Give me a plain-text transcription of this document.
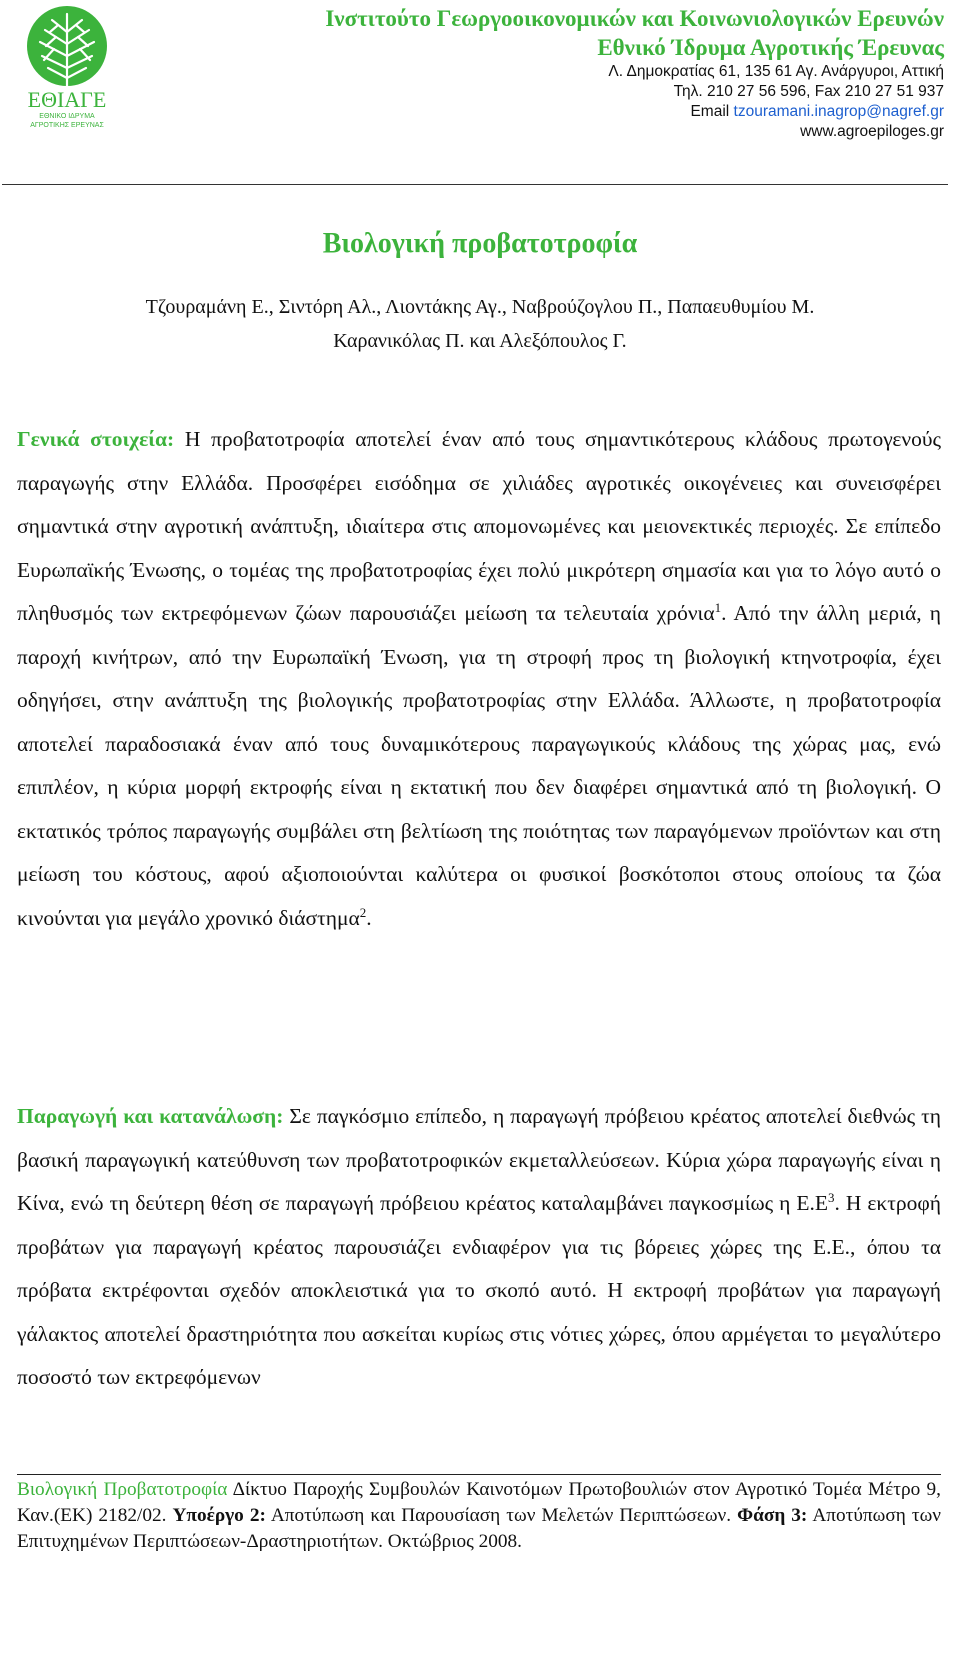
ΕΘΙΑΓΕ
ΕΘΝΙΚΟ ΙΔΡΥΜΑ
ΑΓΡΟΤΙΚΗΣ ΕΡΕΥΝΑΣ
Ινστιτούτο Γεωργοοικονομικών και Κοινωνιολογικών Ερευνών
Εθνικό Ίδρυμα Αγροτικής Έρευνας
Λ. Δημοκρατίας 61, 135 61 Αγ. Ανάργυροι, Αττική
Τηλ. 210 27 56 596, Fax 210 27 51 937
Email tzouramani.inagrop@nagref.gr
www.agroepiloges.gr
Βιολογική προβατοτροφία
Τζουραμάνη Ε., Σιντόρη Αλ., Λιοντάκης Αγ., Ναβρούζογλου Π., Παπαευθυμίου Μ.
Καρανικόλας Π. και Αλεξόπουλος Γ.

Γενικά στοιχεία: Η προβατοτροφία αποτελεί έναν από τους σημαντικότερους κλάδους πρωτογενούς παραγωγής στην Ελλάδα. Προσφέρει εισόδημα σε χιλιάδες αγροτικές οικογένειες και συνεισφέρει σημαντικά στην αγροτική ανάπτυξη, ιδιαίτερα στις απομονωμένες και μειονεκτικές περιοχές. Σε επίπεδο Ευρωπαϊκής Ένωσης, ο τομέας της προβατοτροφίας έχει πολύ μικρότερη σημασία και για το λόγο αυτό ο πληθυσμός των εκτρεφόμενων ζώων παρουσιάζει μείωση τα τελευταία χρόνια$^1$. Από την άλλη μεριά, η παροχή κινήτρων, από την Ευρωπαϊκή Ένωση, για τη στροφή προς τη βιολογική κτηνοτροφία, έχει οδηγήσει, στην ανάπτυξη της βιολογικής προβατοτροφίας στην Ελλάδα. Άλλωστε, η προβατοτροφία αποτελεί παραδοσιακά έναν από τους δυναμικότερους παραγωγικούς κλάδους της χώρας μας, ενώ επιπλέον, η κύρια μορφή εκτροφής είναι η εκτατική που δεν διαφέρει σημαντικά από τη βιολογική. Ο εκτατικός τρόπος παραγωγής συμβάλει στη βελτίωση της ποιότητας των παραγόμενων προϊόντων και στη μείωση του κόστους, αφού αξιοποιούνται καλύτερα οι φυσικοί βοσκότοποι στους οποίους τα ζώα κινούνται για μεγάλο χρονικό διάστημα$^2$.

Παραγωγή και κατανάλωση: Σε παγκόσμιο επίπεδο, η παραγωγή πρόβειου κρέατος αποτελεί διεθνώς τη βασική παραγωγική κατεύθυνση των προβατοτροφικών εκμεταλλεύσεων. Κύρια χώρα παραγωγής είναι η Κίνα, ενώ τη δεύτερη θέση σε παραγωγή πρόβειου κρέατος καταλαμβάνει παγκοσμίως η $E.E^3$. Η εκτροφή προβάτων για παραγωγή κρέατος παρουσιάζει ενδιαφέρον για τις βόρειες χώρες της Ε.Ε., όπου τα πρόβατα εκτρέφονται σχεδόν αποκλειστικά για το σκοπό αυτό. Η εκτροφή προβάτων για παραγωγή γάλακτος αποτελεί δραστηριότητα που ασκείται κυρίως στις νότιες χώρες, όπου αρμέγεται το μεγαλύτερο ποσοστό των εκτρεφόμενων

Βιολογική Προβατοτροφία Δίκτυο Παροχής Συμβουλών Καινοτόμων Πρωτοβουλιών στον Αγροτικό Τομέα Μέτρο 9, Καν.(ΕΚ) 2182/02. Υποέργο 2: Αποτύπωση και Παρουσίαση των Μελετών Περιπτώσεων. Φάση 3: Αποτύπωση των Επιτυχημένων Περιπτώσεων-Δραστηριοτήτων. Οκτώβριος 2008.
